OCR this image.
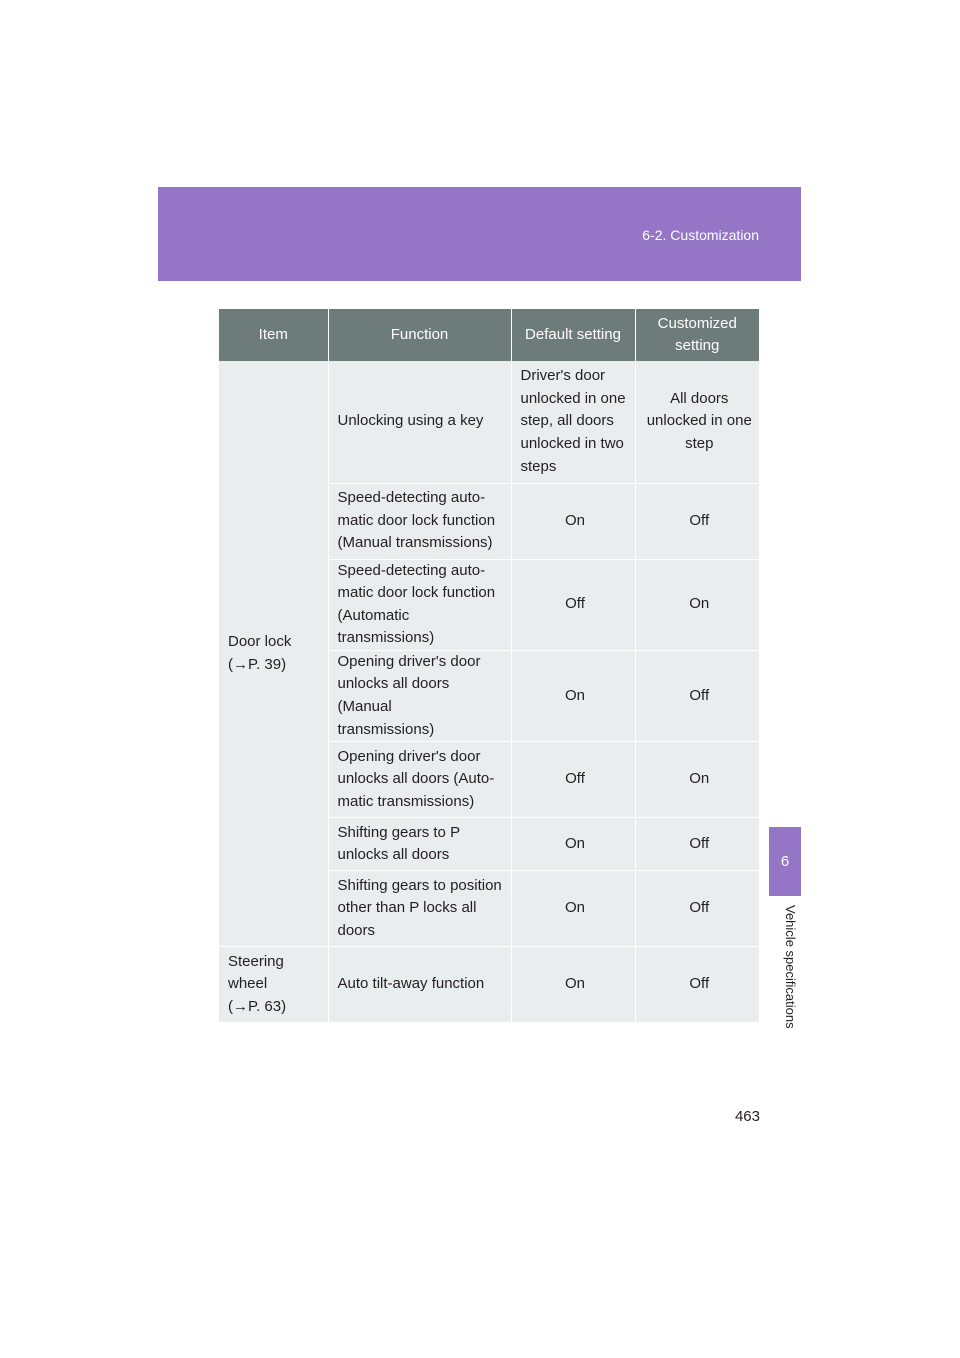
6-2. Customization
6
Vehicle specifications
Item	Function	Default setting	Customized
setting
Door lock
(→P. 39)	Unlocking using a key	Driver's door
unlocked in one
step, all doors
unlocked in two
steps	All doors
unlocked in one
step
	Speed-detecting auto-
matic door lock function
(Manual transmissions)	On	Off
	Speed-detecting auto-
matic door lock function
(Automatic transmissions)	Off	On
	Opening driver's door
unlocks all doors (Manual
transmissions)	On	Off
	Opening driver's door
unlocks all doors (Auto-
matic transmissions)	Off	On
	Shifting gears to P
unlocks all doors	On	Off
	Shifting gears to position
other than P locks all
doors	On	Off
Steering
wheel
(→P. 63)	Auto tilt-away function	On	Off
463
